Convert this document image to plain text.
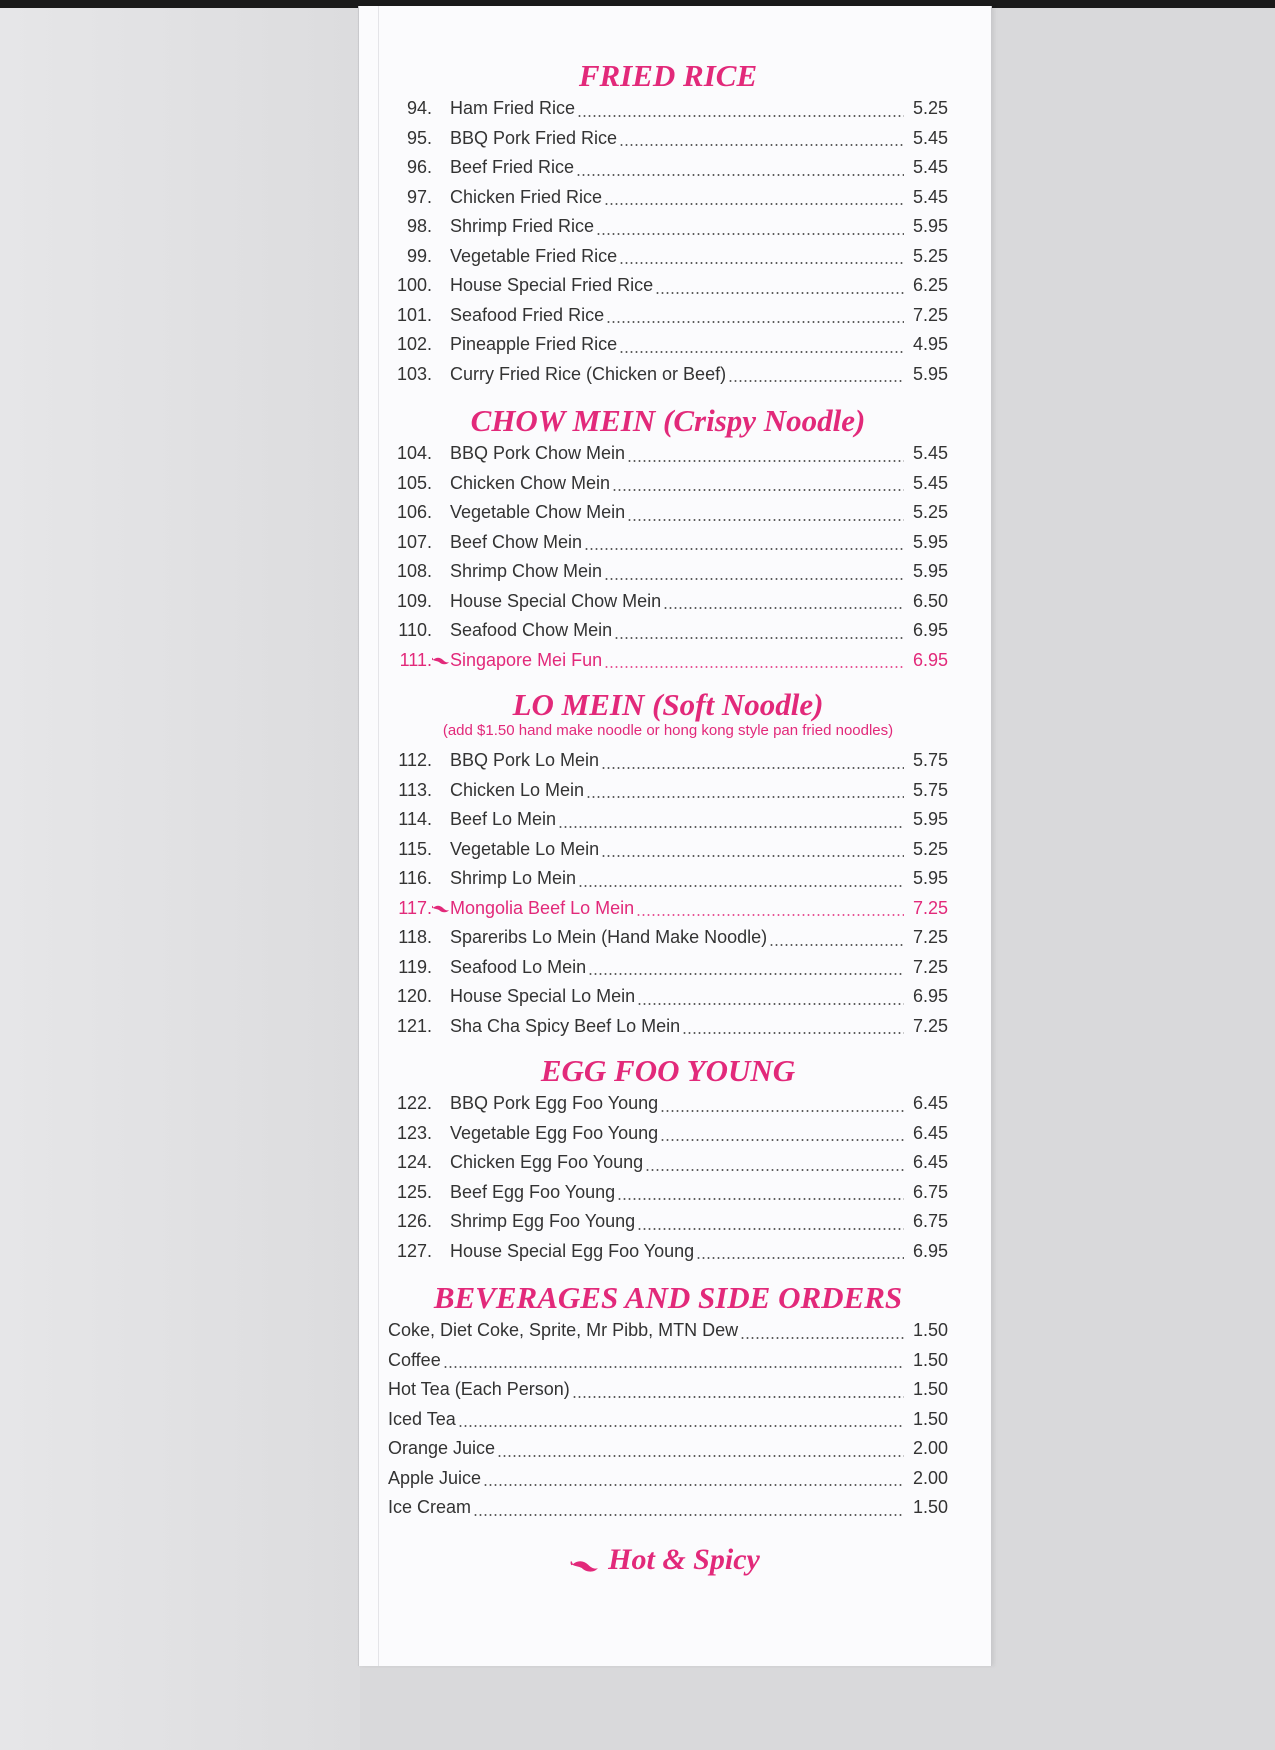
FRIED RICE
94.	Ham Fried Rice	5.25
95.	BBQ Pork Fried Rice	5.45
96.	Beef Fried Rice	5.45
97.	Chicken Fried Rice	5.45
98.	Shrimp Fried Rice	5.95
99.	Vegetable Fried Rice	5.25
100.	House Special Fried Rice	6.25
101.	Seafood Fried Rice	7.25
102.	Pineapple Fried Rice	4.95
103.	Curry Fried Rice (Chicken or Beef)	5.95
CHOW MEIN (Crispy Noodle)
104.	BBQ Pork Chow Mein	5.45
105.	Chicken Chow Mein	5.45
106.	Vegetable Chow Mein	5.25
107.	Beef Chow Mein	5.95
108.	Shrimp Chow Mein	5.95
109.	House Special Chow Mein	6.50
110.	Seafood Chow Mein	6.95
111.	Singapore Mei Fun	6.95
LO MEIN (Soft Noodle)
(add $1.50 hand make noodle or hong kong style pan fried noodles)
112.	BBQ Pork Lo Mein	5.75
113.	Chicken Lo Mein	5.75
114.	Beef Lo Mein	5.95
115.	Vegetable Lo Mein	5.25
116.	Shrimp Lo Mein	5.95
117.	Mongolia Beef Lo Mein	7.25
118.	Spareribs Lo Mein (Hand Make Noodle)	7.25
119.	Seafood Lo Mein	7.25
120.	House Special Lo Mein	6.95
121.	Sha Cha Spicy Beef Lo Mein	7.25
EGG FOO YOUNG
122.	BBQ Pork Egg Foo Young	6.45
123.	Vegetable Egg Foo Young	6.45
124.	Chicken Egg Foo Young	6.45
125.	Beef Egg Foo Young	6.75
126.	Shrimp Egg Foo Young	6.75
127.	House Special Egg Foo Young	6.95
BEVERAGES AND SIDE ORDERS
Coke, Diet Coke, Sprite, Mr Pibb, MTN Dew	1.50
Coffee	1.50
Hot Tea (Each Person)	1.50
Iced Tea	1.50
Orange Juice	2.00
Apple Juice	2.00
Ice Cream	1.50
Hot & Spicy
